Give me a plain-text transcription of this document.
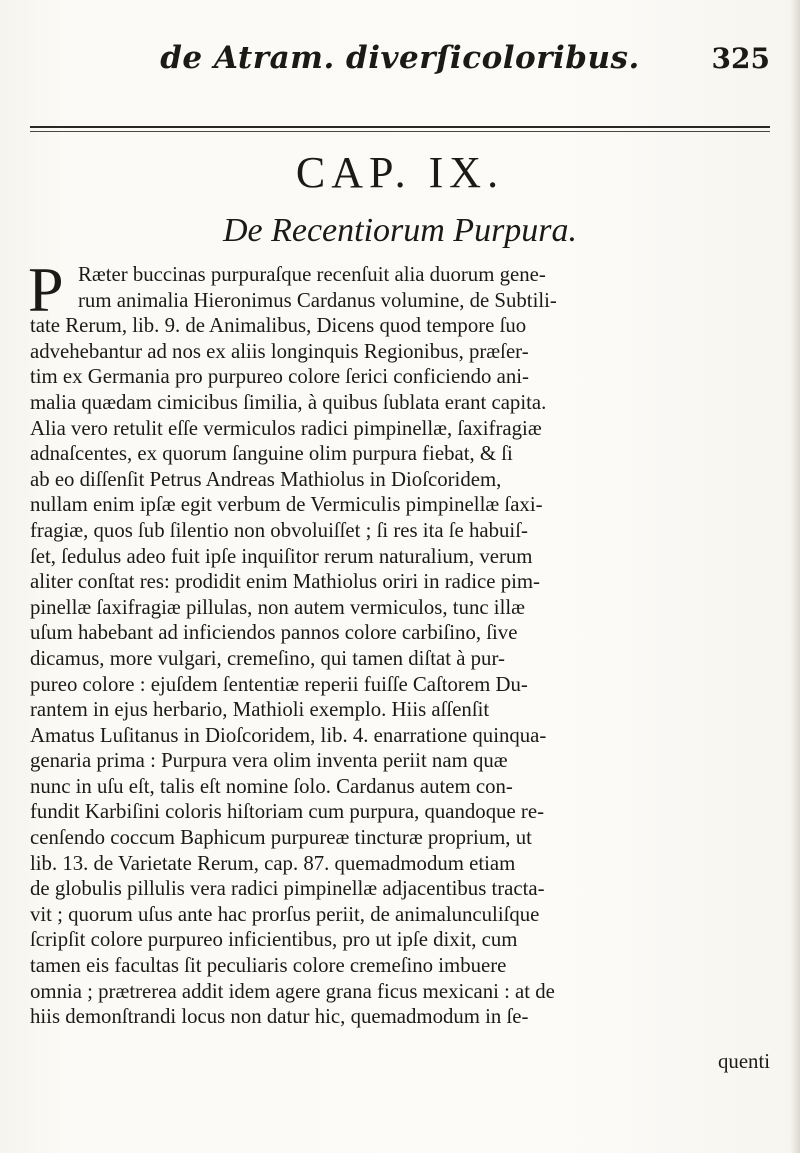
de Atram. diverſicoloribus.	325
CAP. IX.
De Recentiorum Purpura.
P Ræter buccinas purpuraſque recenſuit alia duorum gene-
rum animalia Hieronimus Cardanus volumine, de Subtili-
tate Rerum, lib. 9. de Animalibus, Dicens quod tempore ſuo
advehebantur ad nos ex aliis longinquis Regionibus, præſer-
tim ex Germania pro purpureo colore ſerici conficiendo ani-
malia quædam cimicibus ſimilia, à quibus ſublata erant capita.
Alia vero retulit eſſe vermiculos radici pimpinellæ, ſaxifragiæ
adnaſcentes, ex quorum ſanguine olim purpura fiebat, & ſi
ab eo diſſenſit Petrus Andreas Mathiolus in Dioſcoridem,
nullam enim ipſæ egit verbum de Vermiculis pimpinellæ ſaxi-
fragiæ, quos ſub ſilentio non obvoluiſſet ; ſi res ita ſe habuiſ-
ſet, ſedulus adeo fuit ipſe inquiſitor rerum naturalium, verum
aliter conſtat res: prodidit enim Mathiolus oriri in radice pim-
pinellæ ſaxifragiæ pillulas, non autem vermiculos, tunc illæ
uſum habebant ad inficiendos pannos colore carbiſino, ſive
dicamus, more vulgari, cremeſino, qui tamen diſtat à pur-
pureo colore : ejuſdem ſententiæ reperii fuiſſe Caſtorem Du-
rantem in ejus herbario, Mathioli exemplo. Hiis aſſenſit
Amatus Luſitanus in Dioſcoridem, lib. 4. enarratione quinqua-
genaria prima : Purpura vera olim inventa periit nam quæ
nunc in uſu eſt, talis eſt nomine ſolo. Cardanus autem con-
fundit Karbiſini coloris hiſtoriam cum purpura, quandoque re-
cenſendo coccum Baphicum purpureæ tincturæ proprium, ut
lib. 13. de Varietate Rerum, cap. 87. quemadmodum etiam
de globulis pillulis vera radici pimpinellæ adjacentibus tracta-
vit ; quorum uſus ante hac prorſus periit, de animalunculiſque
ſcripſit colore purpureo inficientibus, pro ut ipſe dixit, cum
tamen eis facultas ſit peculiaris colore cremeſino imbuere
omnia ; prætrerea addit idem agere grana ficus mexicani : at de
hiis demonſtrandi locus non datur hic, quemadmodum in ſe-
quenti
